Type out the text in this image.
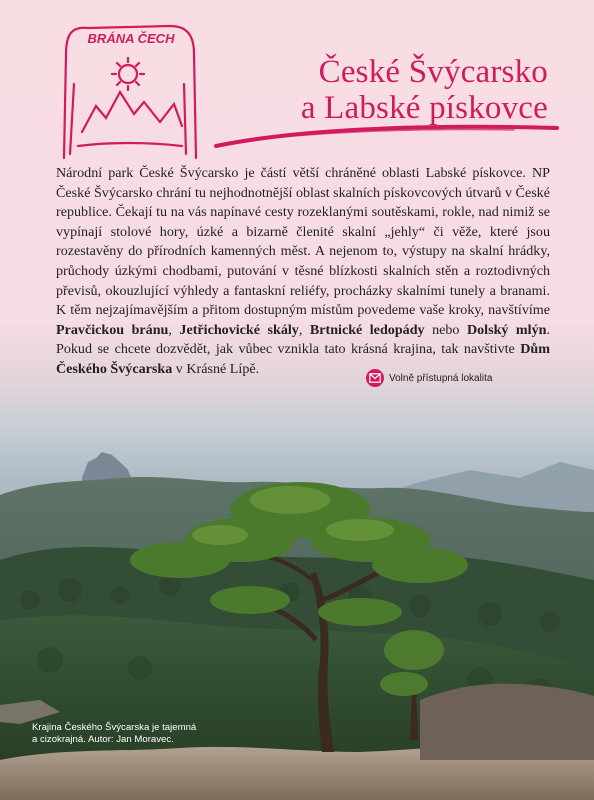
BRÁNA ČECH
České Švýcarsko
a Labské pískovce
Národní park České Švýcarsko je částí větší chráněné oblasti Labské pískovce. NP České Švýcarsko chrání tu nejhodnotnější oblast skalních pískovcových útvarů v České republice. Čekají tu na vás napínavé cesty rozeklanými soutěskami, rokle, nad nimiž se vypínají stolové hory, úzké a bizarně členité skalní „jehly“ či věže, které jsou rozestavěny do přírodních kamenných měst. A nejenom to, výstupy na skalní hrádky, průchody úzkými chodbami, putování v těsné blízkosti skalních stěn a roztodivných převisů, okouzlující výhledy a fantaskní reliéfy, procházky skalními tunely a branami. K těm nejzajímavějším a přitom dostupným místům povedeme vaše kroky, navštívíme Pravčickou bránu, Jetřichovické skály, Brtnické ledopády nebo Dolský mlýn. Pokud se chcete dozvědět, jak vůbec vznikla tato krásná krajina, tak navštivte Dům Českého Švýcarska v Krásné Lípě.
Volně přístupná lokalita
Krajina Českého Švýcarska je tajemná
a cizokrajná. Autor: Jan Moravec.
